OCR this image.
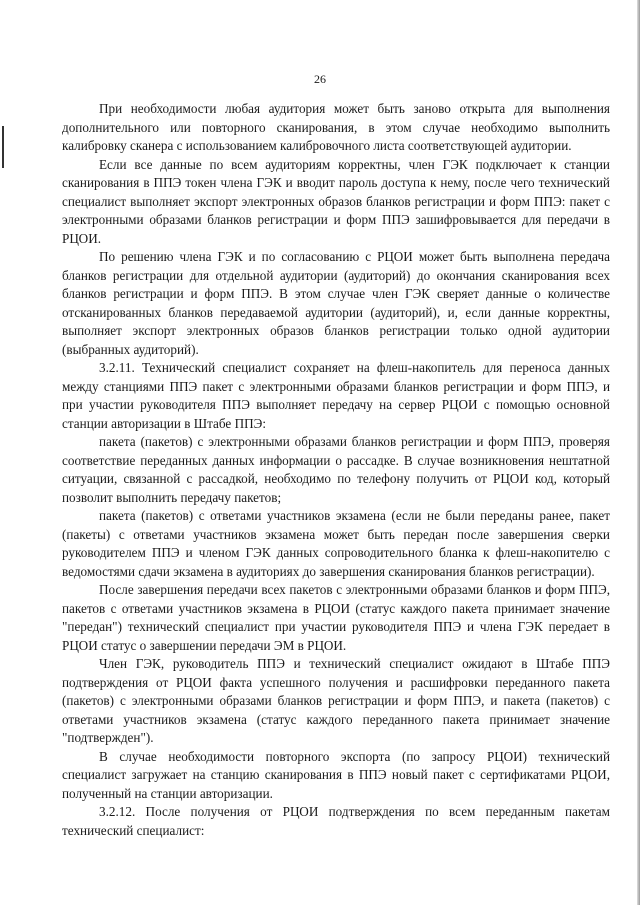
26

При необходимости любая аудитория может быть заново открыта для выполнения дополнительного или повторного сканирования, в этом случае необходимо выполнить калибровку сканера с использованием калибровочного листа соответствующей аудитории.

Если все данные по всем аудиториям корректны, член ГЭК подключает к станции сканирования в ППЭ токен члена ГЭК и вводит пароль доступа к нему, после чего технический специалист выполняет экспорт электронных образов бланков регистрации и форм ППЭ: пакет с электронными образами бланков регистрации и форм ППЭ зашифровывается для передачи в РЦОИ.

По решению члена ГЭК и по согласованию с РЦОИ может быть выполнена передача бланков регистрации для отдельной аудитории (аудиторий) до окончания сканирования всех бланков регистрации и форм ППЭ. В этом случае член ГЭК сверяет данные о количестве отсканированных бланков передаваемой аудитории (аудиторий), и, если данные корректны, выполняет экспорт электронных образов бланков регистрации только одной аудитории (выбранных аудиторий).

3.2.11. Технический специалист сохраняет на флеш-накопитель для переноса данных между станциями ППЭ пакет с электронными образами бланков регистрации и форм ППЭ, и при участии руководителя ППЭ выполняет передачу на сервер РЦОИ с помощью основной станции авторизации в Штабе ППЭ:

пакета (пакетов) с электронными образами бланков регистрации и форм ППЭ, проверяя соответствие переданных данных информации о рассадке. В случае возникновения нештатной ситуации, связанной с рассадкой, необходимо по телефону получить от РЦОИ код, который позволит выполнить передачу пакетов;

пакета (пакетов) с ответами участников экзамена (если не были переданы ранее, пакет (пакеты) с ответами участников экзамена может быть передан после завершения сверки руководителем ППЭ и членом ГЭК данных сопроводительного бланка к флеш-накопителю с ведомостями сдачи экзамена в аудиториях до завершения сканирования бланков регистрации).

После завершения передачи всех пакетов с электронными образами бланков и форм ППЭ, пакетов с ответами участников экзамена в РЦОИ (статус каждого пакета принимает значение "передан") технический специалист при участии руководителя ППЭ и члена ГЭК передает в РЦОИ статус о завершении передачи ЭМ в РЦОИ.

Член ГЭК, руководитель ППЭ и технический специалист ожидают в Штабе ППЭ подтверждения от РЦОИ факта успешного получения и расшифровки переданного пакета (пакетов) с электронными образами бланков регистрации и форм ППЭ, и пакета (пакетов) с ответами участников экзамена (статус каждого переданного пакета принимает значение "подтвержден").

В случае необходимости повторного экспорта (по запросу РЦОИ) технический специалист загружает на станцию сканирования в ППЭ новый пакет с сертификатами РЦОИ, полученный на станции авторизации.

3.2.12. После получения от РЦОИ подтверждения по всем переданным пакетам технический специалист:
